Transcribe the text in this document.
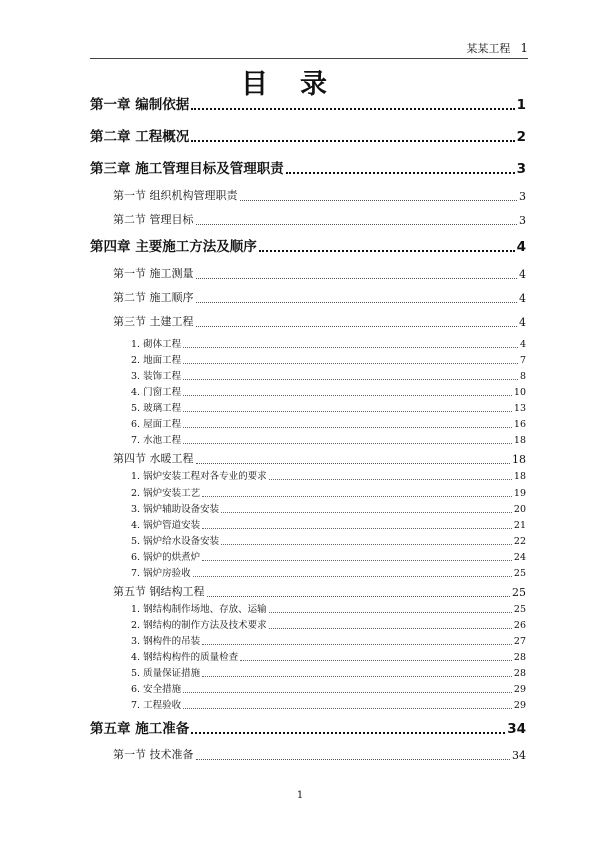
某某工程 1
目录
第一章 编制依据	1
第二章 工程概况	2
第三章 施工管理目标及管理职责	3
第一节 组织机构管理职责	3
第二节 管理目标	3
第四章 主要施工方法及顺序	4
第一节 施工测量	4
第二节 施工顺序	4
第三节 土建工程	4
1. 砌体工程	4
2. 地面工程	7
3. 装饰工程	8
4. 门窗工程	10
5. 玻璃工程	13
6. 屋面工程	16
7. 水池工程	18
第四节 水暖工程	18
1. 锅炉安装工程对各专业的要求	18
2. 锅炉安装工艺	19
3. 锅炉辅助设备安装	20
4. 锅炉管道安装	21
5. 锅炉给水设备安装	22
6. 锅炉的烘煮炉	24
7. 锅炉房验收	25
第五节 钢结构工程	25
1. 钢结构制作场地、存放、运输	25
2. 钢结构的制作方法及技术要求	26
3. 钢构件的吊装	27
4. 钢结构构件的质量检查	28
5. 质量保证措施	28
6. 安全措施	29
7. 工程验收	29
第五章 施工准备	34
第一节 技术准备	34
1
